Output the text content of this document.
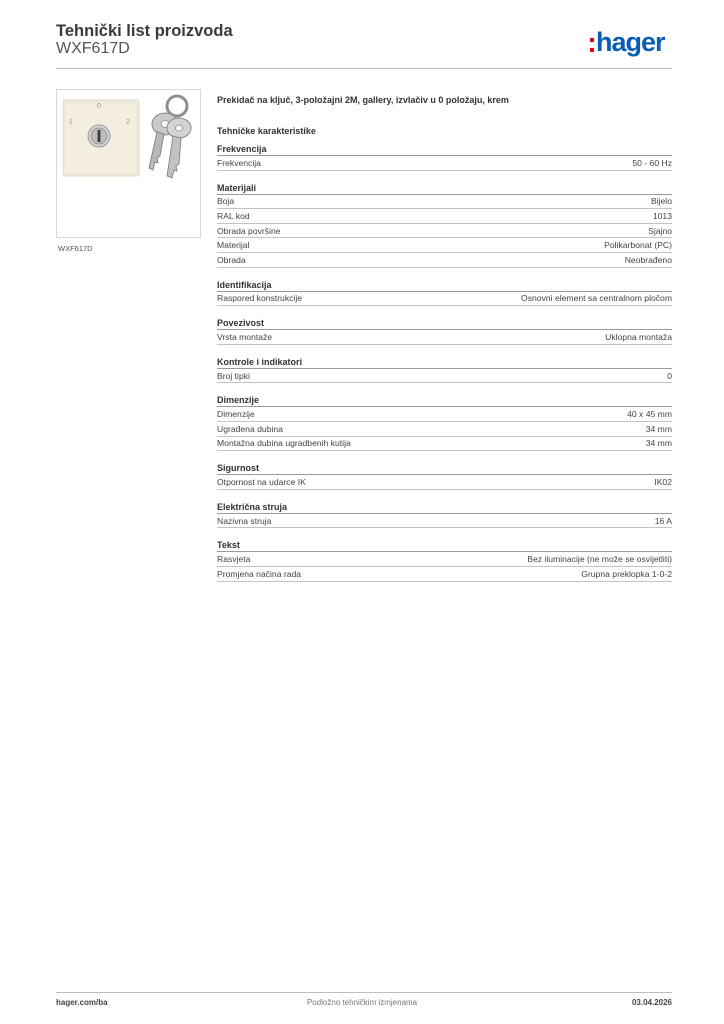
Tehnički list proizvoda
WXF617D	hager
0
1	2
WXF617D
Prekidač na ključ, 3-položajni 2M, gallery, izvlačiv u 0 položaju, krem
Tehničke karakteristike
Frekvencija
Frekvencija	50 - 60 Hz
Materijali
Boja	Bijelo
RAL kod	1013
Obrada površine	Sjajno
Materijal	Polikarbonat (PC)
Obrada	Neobrađeno
Identifikacija
Raspored konstrukcije	Osnovni element sa centralnom pločom
Povezivost
Vrsta montaže	Uklopna montaža
Kontrole i indikatori
Broj tipki	0
Dimenzije
Dimenzije	40 x 45 mm
Ugrađena dubina	34 mm
Montažna dubina ugradbenih kutija	34 mm
Sigurnost
Otpornost na udarce IK	IK02
Električna struja
Nazivna struja	16 A
Tekst
Rasvjeta	Bez iluminacije (ne može se osvijetliti)
Promjena načina rada	Grupna preklopka 1-0-2
hager.com/ba	Podložno tehničkim izmjenama	03.04.2026
